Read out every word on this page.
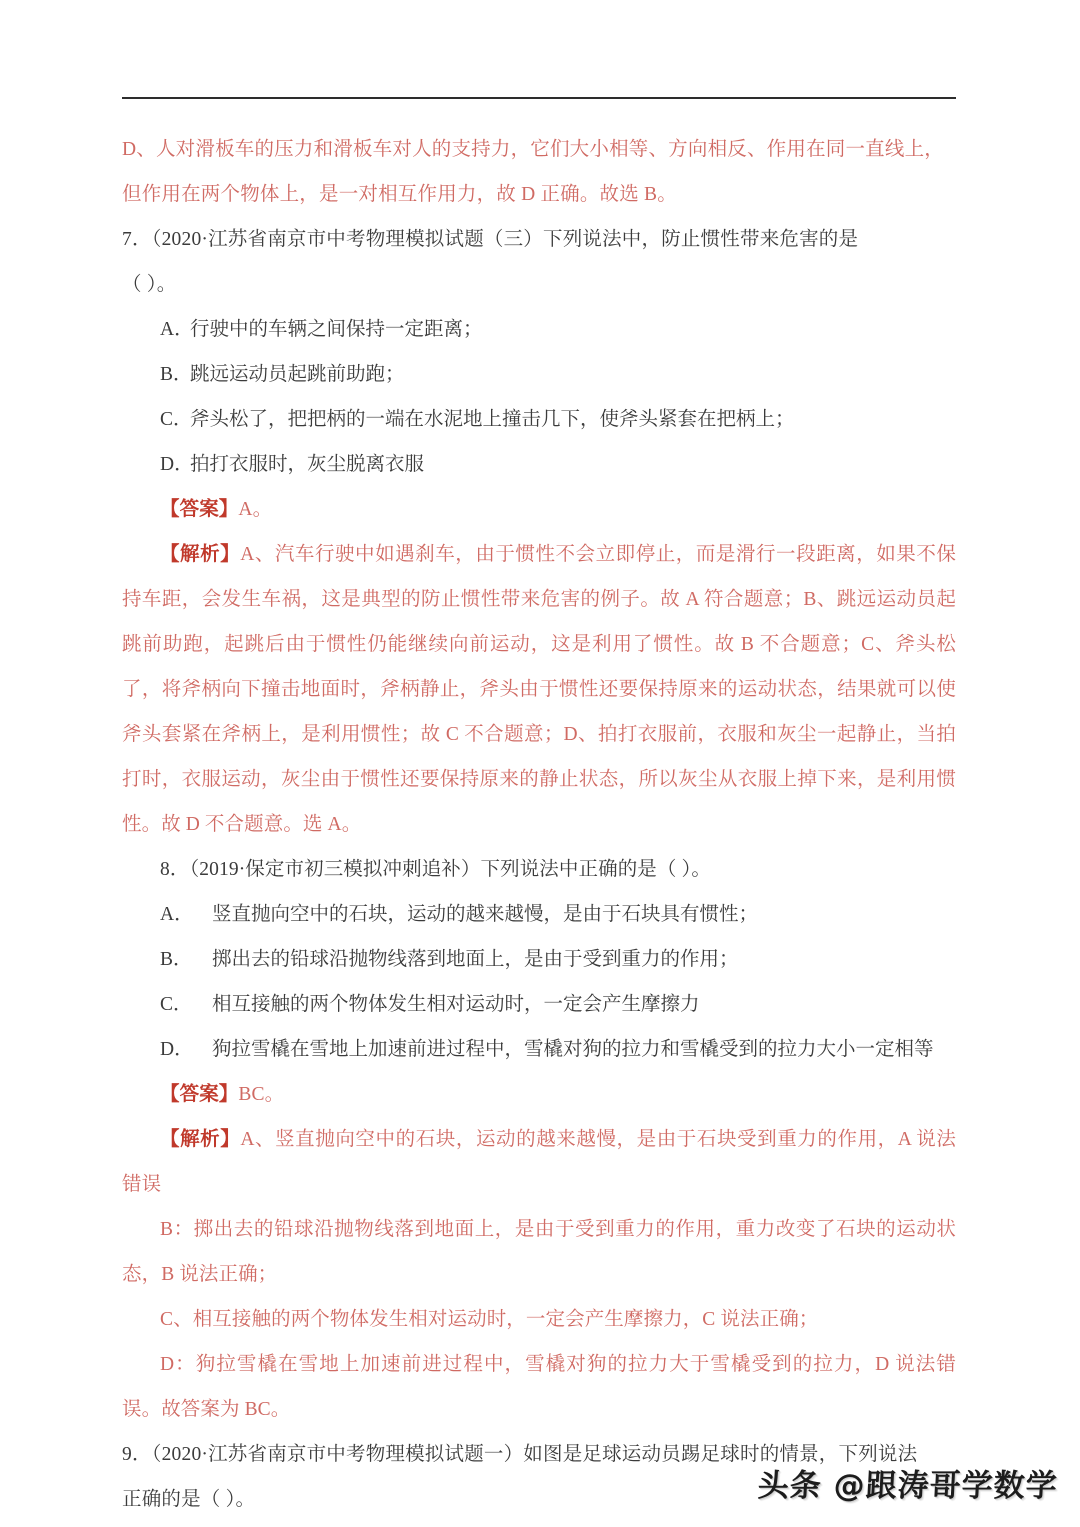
D、人对滑板车的压力和滑板车对人的支持力，它们大小相等、方向相反、作用在同一直线上，
但作用在两个物体上，是一对相互作用力，故 D 正确。故选 B。
7．（2020·江苏省南京市中考物理模拟试题（三）下列说法中，防止惯性带来危害的是
（ ）。
A．
行驶中的车辆之间保持一定距离；
B．
跳远运动员起跳前助跑；
C．
斧头松了，把把柄的一端在水泥地上撞击几下，使斧头紧套在把柄上；
D．
拍打衣服时，灰尘脱离衣服

【答案】A。

【解析】A、汽车行驶中如遇刹车，由于惯性不会立即停止，而是滑行一段距离，如果不保持车距，会发生车祸，这是典型的防止惯性带来危害的例子。故 A 符合题意；B、跳远运动员起跳前助跑，起跳后由于惯性仍能继续向前运动，这是利用了惯性。故 B 不合题意；C、斧头松了，将斧柄向下撞击地面时，斧柄静止，斧头由于惯性还要保持原来的运动状态，结果就可以使斧头套紧在斧柄上，是利用惯性；故 C 不合题意；D、拍打衣服前，衣服和灰尘一起静止，当拍打时，衣服运动，灰尘由于惯性还要保持原来的静止状态，所以灰尘从衣服上掉下来，是利用惯性。故 D 不合题意。选 A。

8．（2019·保定市初三模拟冲刺追补）下列说法中正确的是（ ）。

A． 竖直抛向空中的石块，运动的越来越慢，是由于石块具有惯性；
B． 掷出去的铅球沿抛物线落到地面上，是由于受到重力的作用；
C． 相互接触的两个物体发生相对运动时，一定会产生摩擦力
D． 狗拉雪橇在雪地上加速前进过程中，雪橇对狗的拉力和雪橇受到的拉力大小一定相等

【答案】BC。

【解析】A、竖直抛向空中的石块，运动的越来越慢，是由于石块受到重力的作用，A 说法错误

B：掷出去的铅球沿抛物线落到地面上，是由于受到重力的作用，重力改变了石块的运动状态，B 说法正确；

C、相互接触的两个物体发生相对运动时，一定会产生摩擦力，C 说法正确；

D：狗拉雪橇在雪地上加速前进过程中，雪橇对狗的拉力大于雪橇受到的拉力，D 说法错误。故答案为 BC。

9．（2020·江苏省南京市中考物理模拟试题一）如图是足球运动员踢足球时的情景，下列说法
正确的是（ ）。	头条 @跟涛哥学数学
